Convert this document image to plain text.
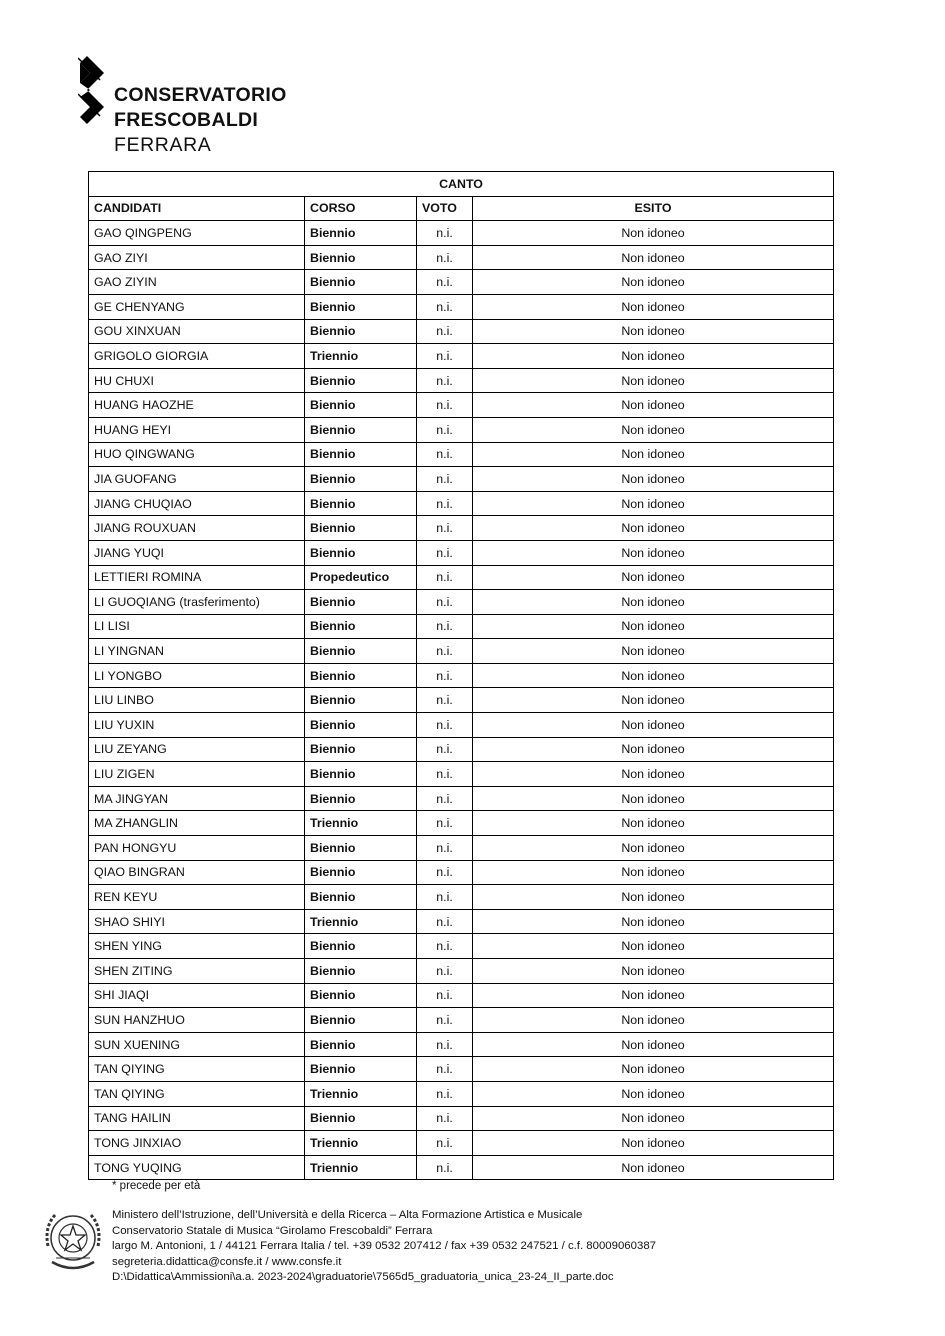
CONSERVATORIO
FRESCOBALDI
FERRARA
CANTO			
CANDIDATI	CORSO	VOTO	ESITO
GAO QINGPENG	Biennio	n.i.	Non idoneo
GAO ZIYI	Biennio	n.i.	Non idoneo
GAO ZIYIN	Biennio	n.i.	Non idoneo
GE CHENYANG	Biennio	n.i.	Non idoneo
GOU XINXUAN	Biennio	n.i.	Non idoneo
GRIGOLO GIORGIA	Triennio	n.i.	Non idoneo
HU CHUXI	Biennio	n.i.	Non idoneo
HUANG HAOZHE	Biennio	n.i.	Non idoneo
HUANG HEYI	Biennio	n.i.	Non idoneo
HUO QINGWANG	Biennio	n.i.	Non idoneo
JIA GUOFANG	Biennio	n.i.	Non idoneo
JIANG CHUQIAO	Biennio	n.i.	Non idoneo
JIANG ROUXUAN	Biennio	n.i.	Non idoneo
JIANG YUQI	Biennio	n.i.	Non idoneo
LETTIERI ROMINA	Propedeutico	n.i.	Non idoneo
LI GUOQIANG (trasferimento)	Biennio	n.i.	Non idoneo
LI LISI	Biennio	n.i.	Non idoneo
LI YINGNAN	Biennio	n.i.	Non idoneo
LI YONGBO	Biennio	n.i.	Non idoneo
LIU LINBO	Biennio	n.i.	Non idoneo
LIU YUXIN	Biennio	n.i.	Non idoneo
LIU ZEYANG	Biennio	n.i.	Non idoneo
LIU ZIGEN	Biennio	n.i.	Non idoneo
MA JINGYAN	Biennio	n.i.	Non idoneo
MA ZHANGLIN	Triennio	n.i.	Non idoneo
PAN HONGYU	Biennio	n.i.	Non idoneo
QIAO BINGRAN	Biennio	n.i.	Non idoneo
REN KEYU	Biennio	n.i.	Non idoneo
SHAO SHIYI	Triennio	n.i.	Non idoneo
SHEN YING	Biennio	n.i.	Non idoneo
SHEN ZITING	Biennio	n.i.	Non idoneo
SHI JIAQI	Biennio	n.i.	Non idoneo
SUN HANZHUO	Biennio	n.i.	Non idoneo
SUN XUENING	Biennio	n.i.	Non idoneo
TAN QIYING	Biennio	n.i.	Non idoneo
TAN QIYING	Triennio	n.i.	Non idoneo
TANG HAILIN	Biennio	n.i.	Non idoneo
TONG JINXIAO	Triennio	n.i.	Non idoneo
TONG YUQING	Triennio	n.i.	Non idoneo
* precede per età
Ministero dell’Istruzione, dell’Università e della Ricerca – Alta Formazione Artistica e Musicale
Conservatorio Statale di Musica “Girolamo Frescobaldi” Ferrara
largo M. Antonioni, 1 / 44121 Ferrara Italia / tel. +39 0532 207412 / fax +39 0532 247521 / c.f. 80009060387
segreteria.didattica@consfe.it / www.consfe.it
D:\Didattica\Ammissioni\a.a. 2023-2024\graduatorie\7565d5_graduatoria_unica_23-24_II_parte.doc
